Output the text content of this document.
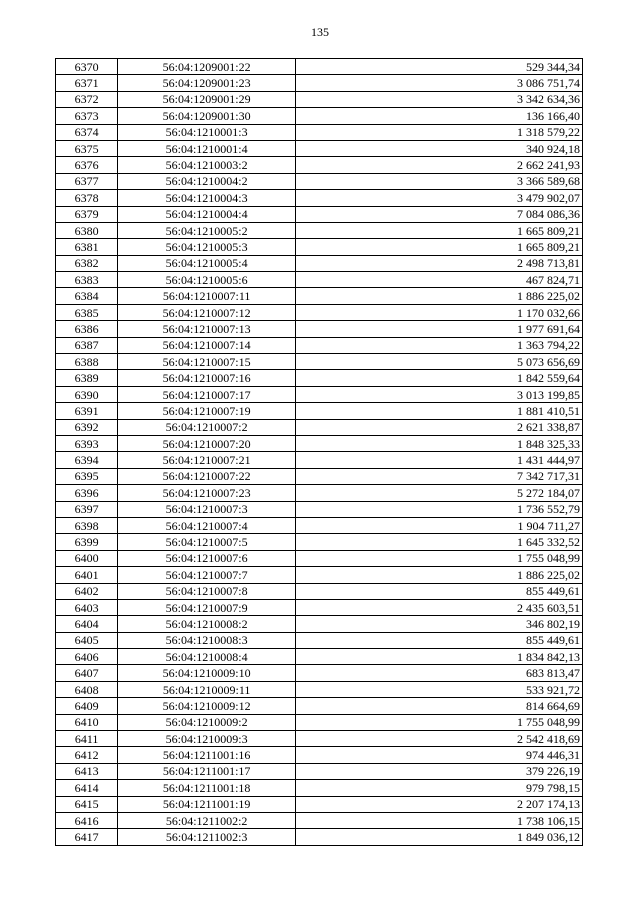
135
6370	56:04:1209001:22	529 344,34
6371	56:04:1209001:23	3 086 751,74
6372	56:04:1209001:29	3 342 634,36
6373	56:04:1209001:30	136 166,40
6374	56:04:1210001:3	1 318 579,22
6375	56:04:1210001:4	340 924,18
6376	56:04:1210003:2	2 662 241,93
6377	56:04:1210004:2	3 366 589,68
6378	56:04:1210004:3	3 479 902,07
6379	56:04:1210004:4	7 084 086,36
6380	56:04:1210005:2	1 665 809,21
6381	56:04:1210005:3	1 665 809,21
6382	56:04:1210005:4	2 498 713,81
6383	56:04:1210005:6	467 824,71
6384	56:04:1210007:11	1 886 225,02
6385	56:04:1210007:12	1 170 032,66
6386	56:04:1210007:13	1 977 691,64
6387	56:04:1210007:14	1 363 794,22
6388	56:04:1210007:15	5 073 656,69
6389	56:04:1210007:16	1 842 559,64
6390	56:04:1210007:17	3 013 199,85
6391	56:04:1210007:19	1 881 410,51
6392	56:04:1210007:2	2 621 338,87
6393	56:04:1210007:20	1 848 325,33
6394	56:04:1210007:21	1 431 444,97
6395	56:04:1210007:22	7 342 717,31
6396	56:04:1210007:23	5 272 184,07
6397	56:04:1210007:3	1 736 552,79
6398	56:04:1210007:4	1 904 711,27
6399	56:04:1210007:5	1 645 332,52
6400	56:04:1210007:6	1 755 048,99
6401	56:04:1210007:7	1 886 225,02
6402	56:04:1210007:8	855 449,61
6403	56:04:1210007:9	2 435 603,51
6404	56:04:1210008:2	346 802,19
6405	56:04:1210008:3	855 449,61
6406	56:04:1210008:4	1 834 842,13
6407	56:04:1210009:10	683 813,47
6408	56:04:1210009:11	533 921,72
6409	56:04:1210009:12	814 664,69
6410	56:04:1210009:2	1 755 048,99
6411	56:04:1210009:3	2 542 418,69
6412	56:04:1211001:16	974 446,31
6413	56:04:1211001:17	379 226,19
6414	56:04:1211001:18	979 798,15
6415	56:04:1211001:19	2 207 174,13
6416	56:04:1211002:2	1 738 106,15
6417	56:04:1211002:3	1 849 036,12
